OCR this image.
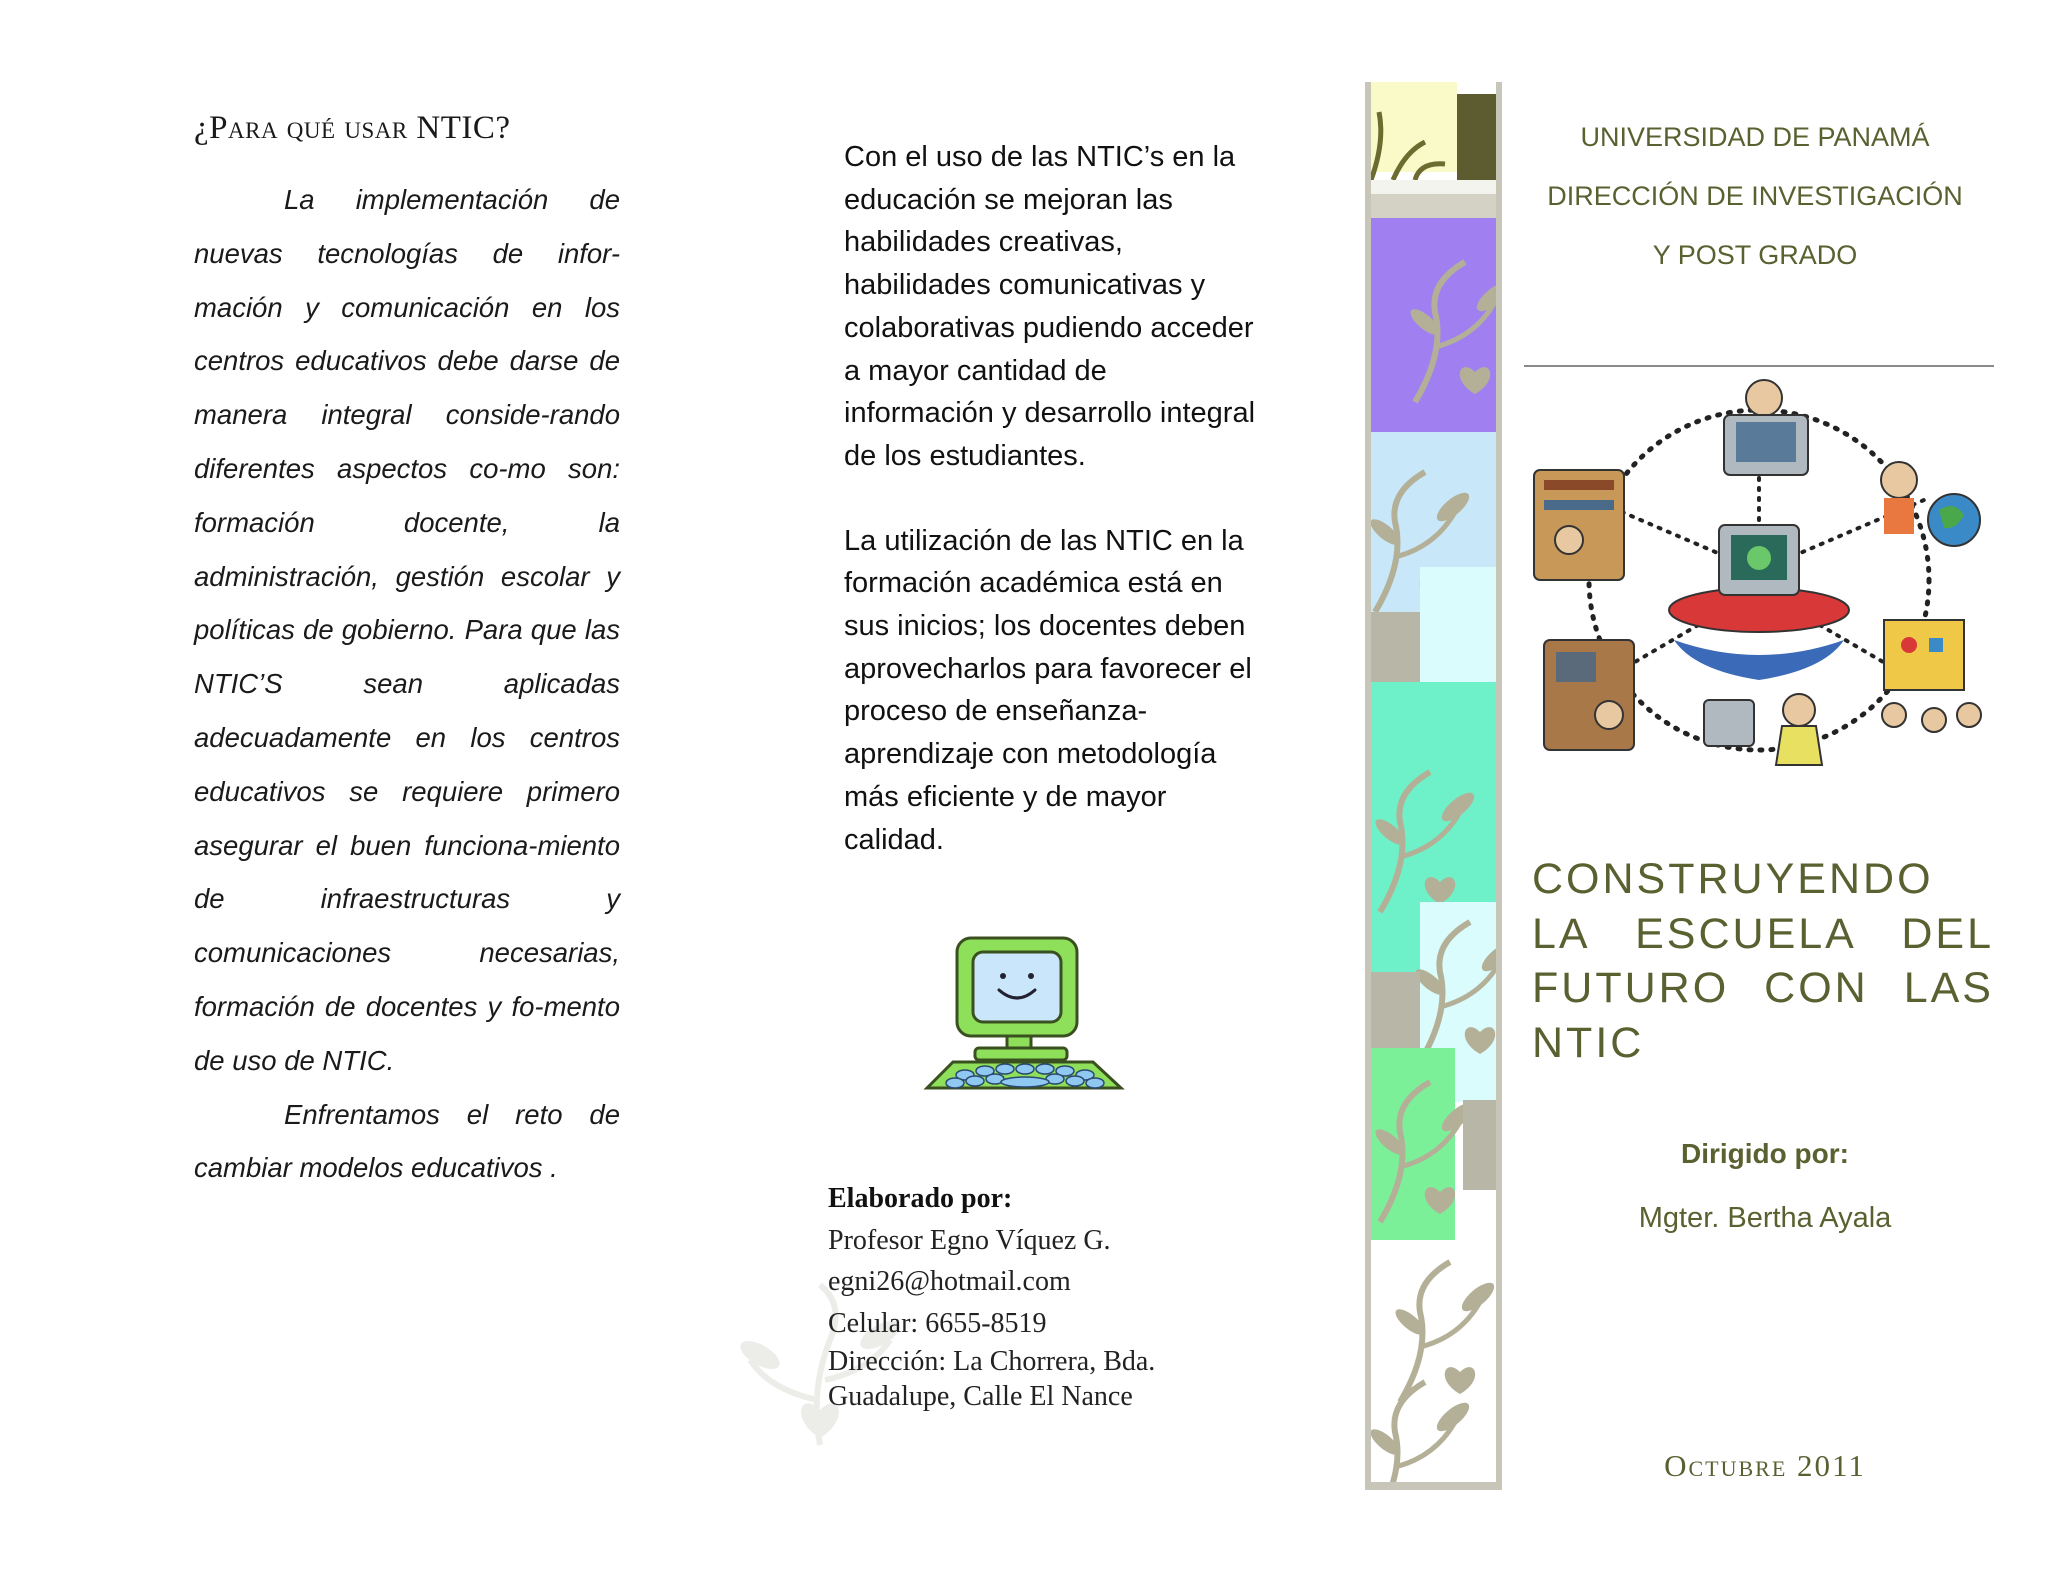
¿Para qué usar NTIC?

La implementación de nuevas tecnologías de infor-mación y comunicación en los centros educativos debe darse de manera integral conside-rando diferentes aspectos co-mo son: formación docente, la administración, gestión escolar y políticas de gobierno. Para que las NTIC’S sean aplicadas adecuadamente en los centros educativos se requiere primero asegurar el buen funciona-miento de infraestructuras y comunicaciones necesarias, formación de docentes y fo-mento de uso de NTIC.

Enfrentamos el reto de cambiar modelos educativos .

Con el uso de las NTIC’s en la educación se mejoran las habilidades creativas, habilidades comunicativas y colaborativas pudiendo acceder a mayor cantidad de información y desarrollo integral de los estudiantes.

La utilización de las NTIC en la formación académica está en sus inicios; los docentes deben aprovecharlos para favorecer el proceso de enseñanza-aprendizaje con metodología más eficiente y de mayor calidad.

Elaborado por:
Profesor Egno Víquez G.
egni26@hotmail.com
Celular: 6655-8519
Dirección: La Chorrera, Bda.
Guadalupe, Calle El Nance
UNIVERSIDAD DE PANAMÁ
DIRECCIÓN DE INVESTIGACIÓN
Y POST GRADO
CONSTRUYENDO LA ESCUELA DEL FUTURO CON LAS NTIC
Dirigido por:
Mgter. Bertha Ayala
Octubre 2011
